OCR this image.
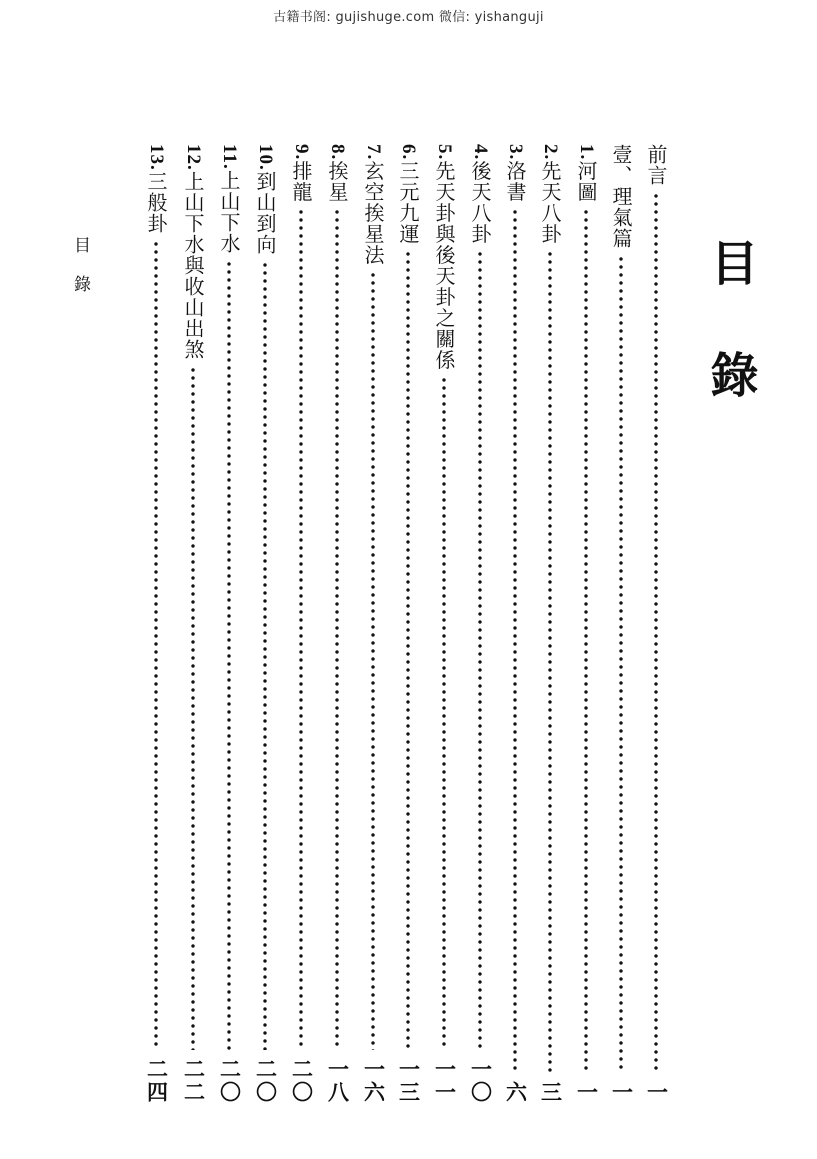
古籍书阁: gujishuge.com 微信: yishanguji
目錄
目錄
前言
一
壹、理氣篇
一
1.河圖
一
2.先天八卦
三
3.洛書
六
4.後天八卦
一〇
5.先天卦與後天卦之關係
一一
6.三元九運
一三
7.玄空挨星法
一六
8.挨星
一八
9.排龍
二〇
10.到山到向
二〇
11.上山下水
二〇
12.上山下水與收山出煞
二二
13.三般卦
二四
